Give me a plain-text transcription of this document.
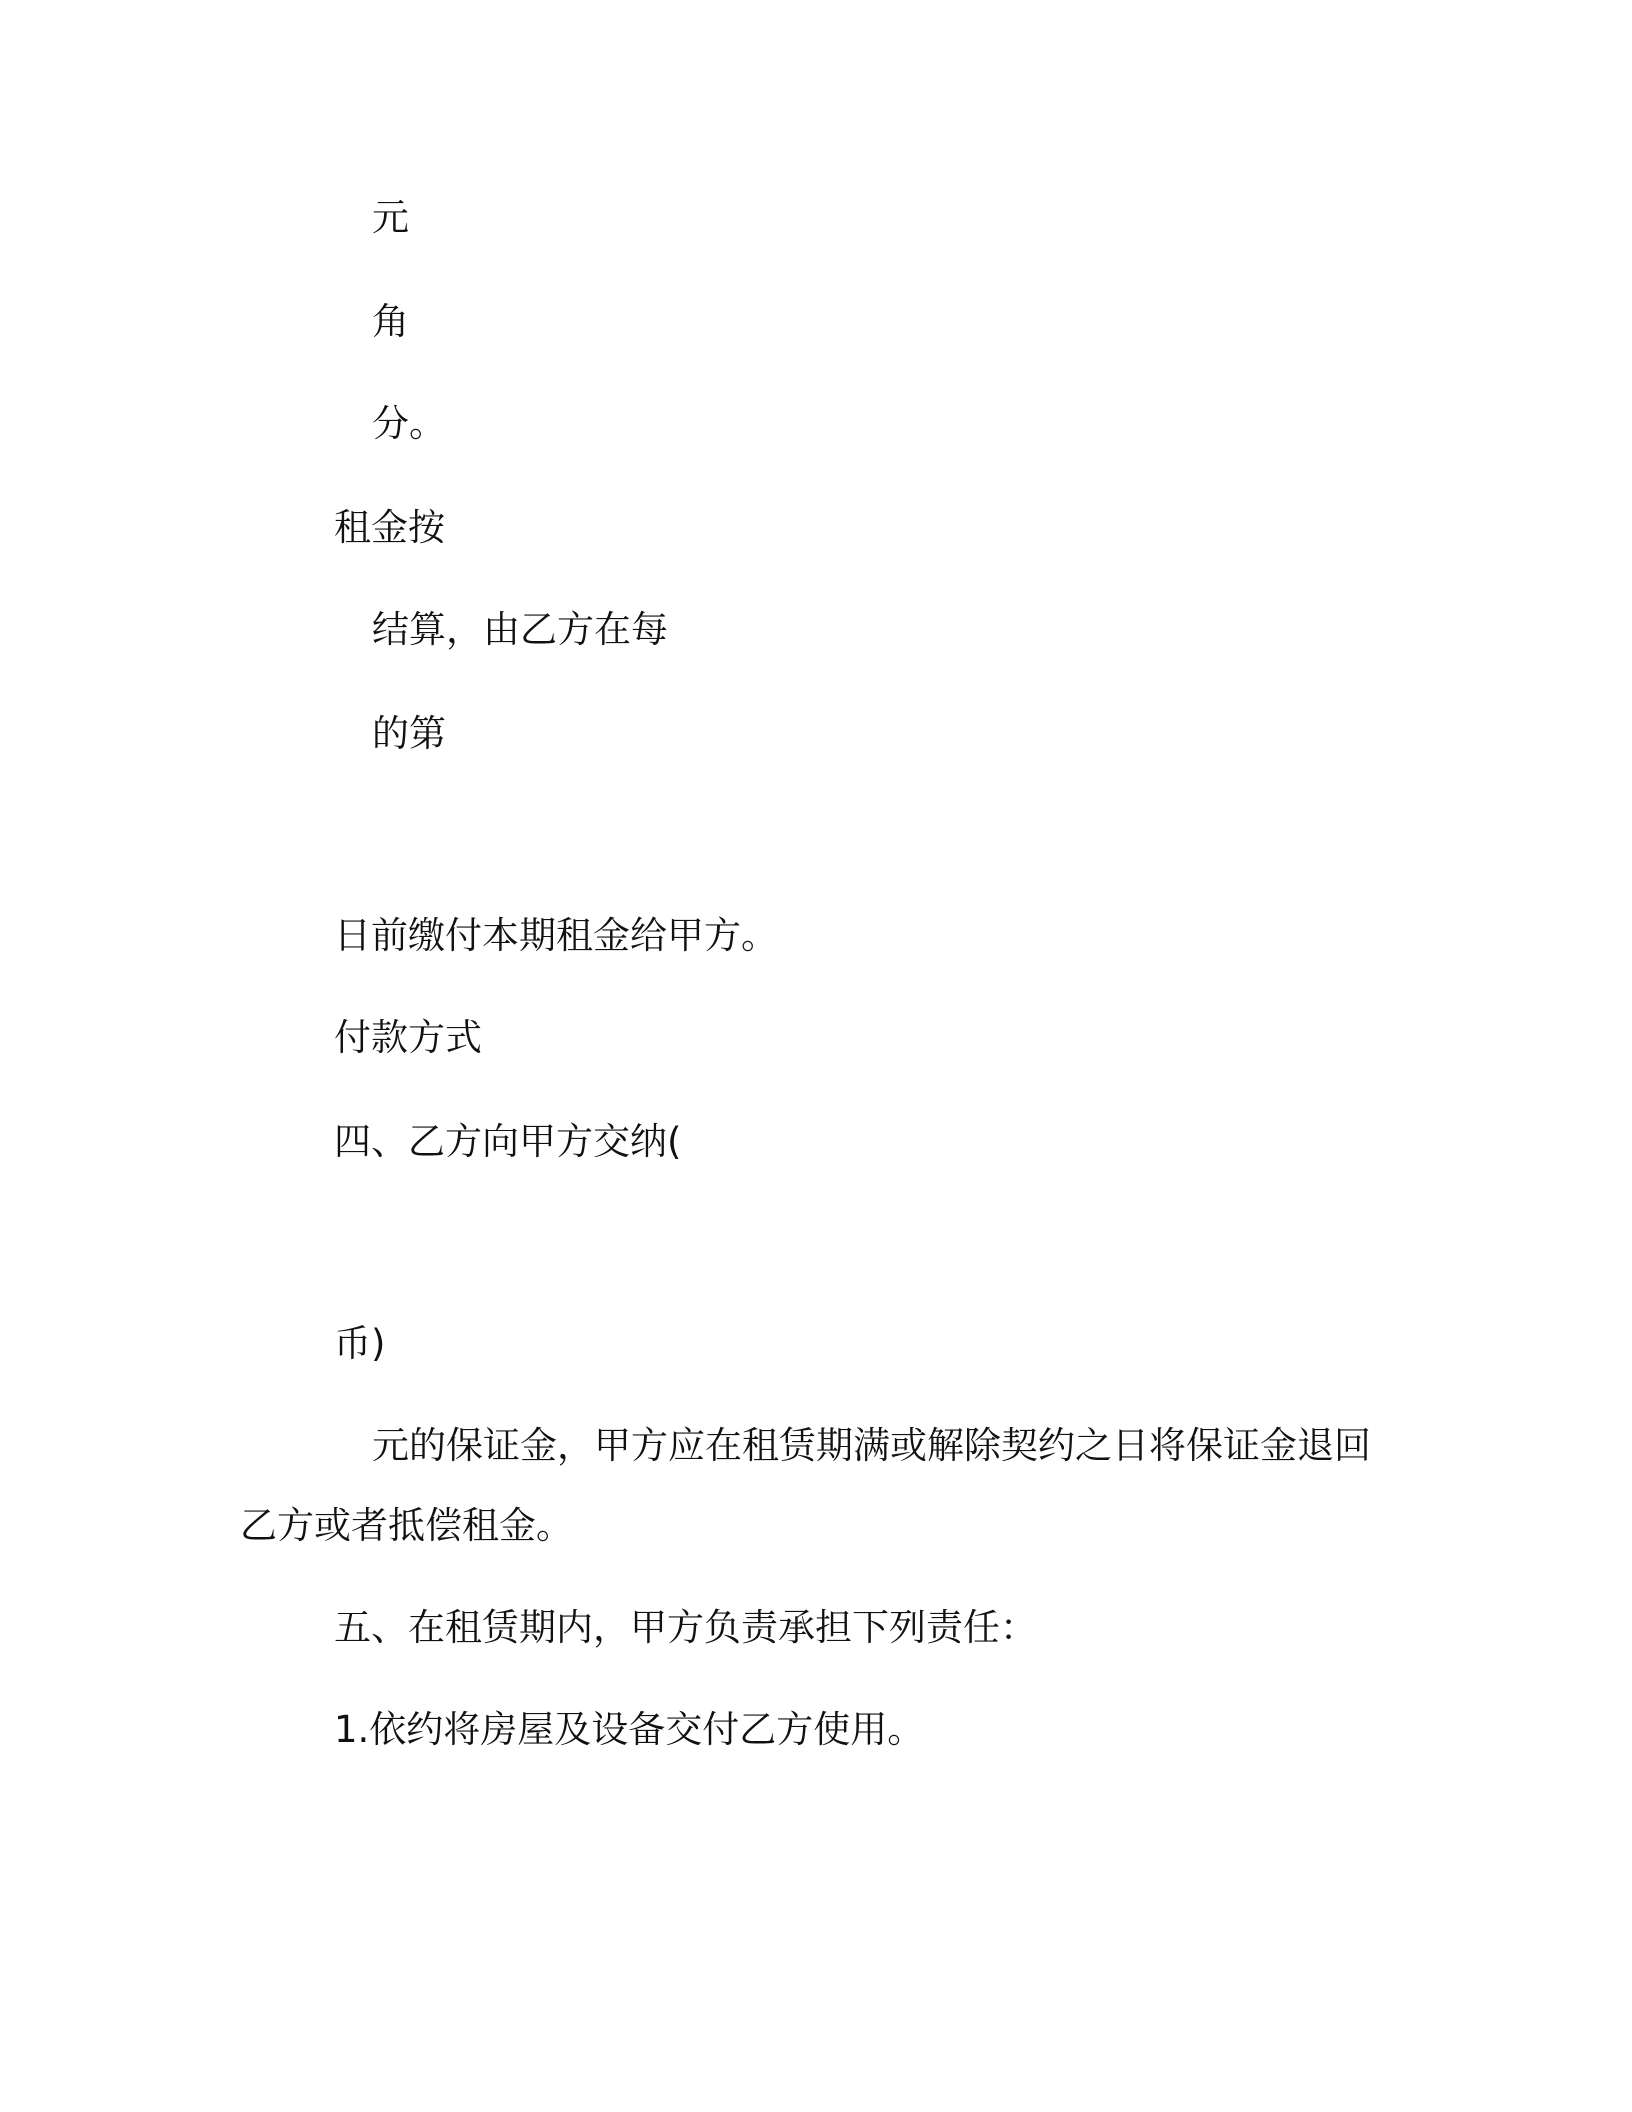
元
角
分。
租金按
结算，由乙方在每
的第
日前缴付本期租金给甲方。
付款方式
四、乙方向甲方交纳(
币)
元的保证金，甲方应在租赁期满或解除契约之日将保证金退回
乙方或者抵偿租金。
五、在租赁期内，甲方负责承担下列责任：
1.依约将房屋及设备交付乙方使用。
